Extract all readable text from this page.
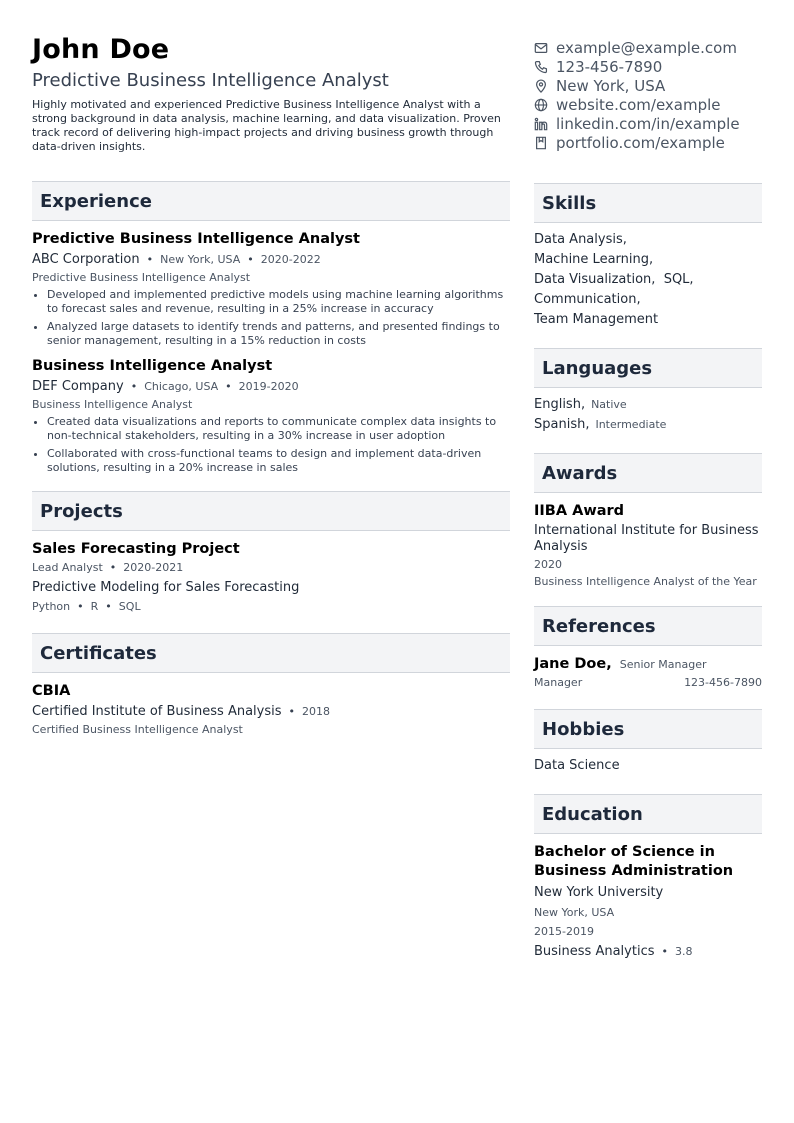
John Doe
Predictive Business Intelligence Analyst
Highly motivated and experienced Predictive Business Intelligence Analyst with a strong background in data analysis, machine learning, and data visualization. Proven track record of delivering high-impact projects and driving business growth through data-driven insights.
Experience
Predictive Business Intelligence Analyst
ABC Corporation • New York, USA • 2020-2022
Predictive Business Intelligence Analyst
• Developed and implemented predictive models using machine learning algorithms to forecast sales and revenue, resulting in a 25% increase in accuracy
• Analyzed large datasets to identify trends and patterns, and presented findings to senior management, resulting in a 15% reduction in costs
Business Intelligence Analyst
DEF Company • Chicago, USA • 2019-2020
Business Intelligence Analyst
• Created data visualizations and reports to communicate complex data insights to non-technical stakeholders, resulting in a 30% increase in user adoption
• Collaborated with cross-functional teams to design and implement data-driven solutions, resulting in a 20% increase in sales
Projects
Sales Forecasting Project
Lead Analyst • 2020-2021
Predictive Modeling for Sales Forecasting
Python • R • SQL
Certificates
CBIA
Certified Institute of Business Analysis • 2018
Certified Business Intelligence Analyst
example@example.com
123-456-7890
New York, USA
website.com/example
linkedin.com/in/example
portfolio.com/example
Skills
Data Analysis,
Machine Learning,
Data Visualization, SQL,
Communication,
Team Management
Languages
English, Native
Spanish, Intermediate
Awards
IIBA Award
International Institute for Business Analysis
2020
Business Intelligence Analyst of the Year
References
Jane Doe, Senior Manager
Manager	123-456-7890
Hobbies
Data Science
Education
Bachelor of Science in Business Administration
New York University
New York, USA
2015-2019
Business Analytics • 3.8
